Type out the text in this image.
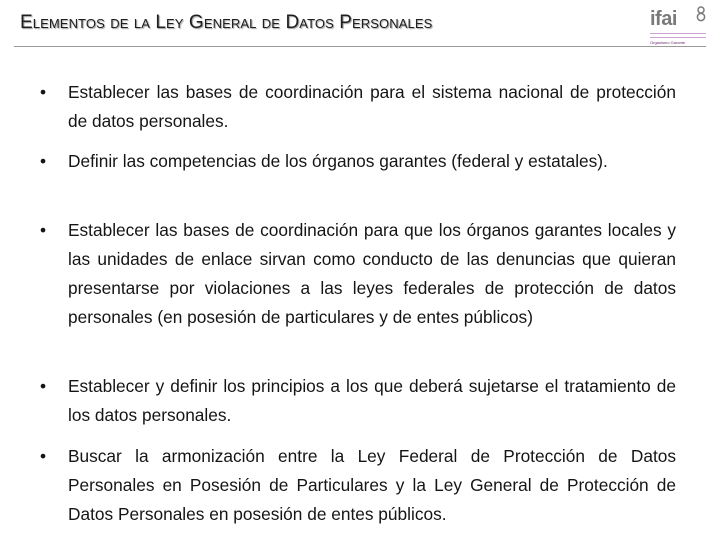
Elementos de la Ley General de Datos Personales	ifai
Organismo Garante
•	Establecer las bases de coordinación para el sistema nacional de protección de datos personales.
•	Definir las competencias de los órganos garantes (federal y estatales).
•	Establecer las bases de coordinación para que los órganos garantes locales y las unidades de enlace sirvan como conducto de las denuncias que quieran presentarse por violaciones a las leyes federales de protección de datos personales (en posesión de particulares y de entes públicos)
•	Establecer y definir los principios a los que deberá sujetarse el tratamiento de los datos personales.
•	Buscar la armonización entre la Ley Federal de Protección de Datos Personales en Posesión de Particulares y la Ley General de Protección de Datos Personales en posesión de entes públicos.
